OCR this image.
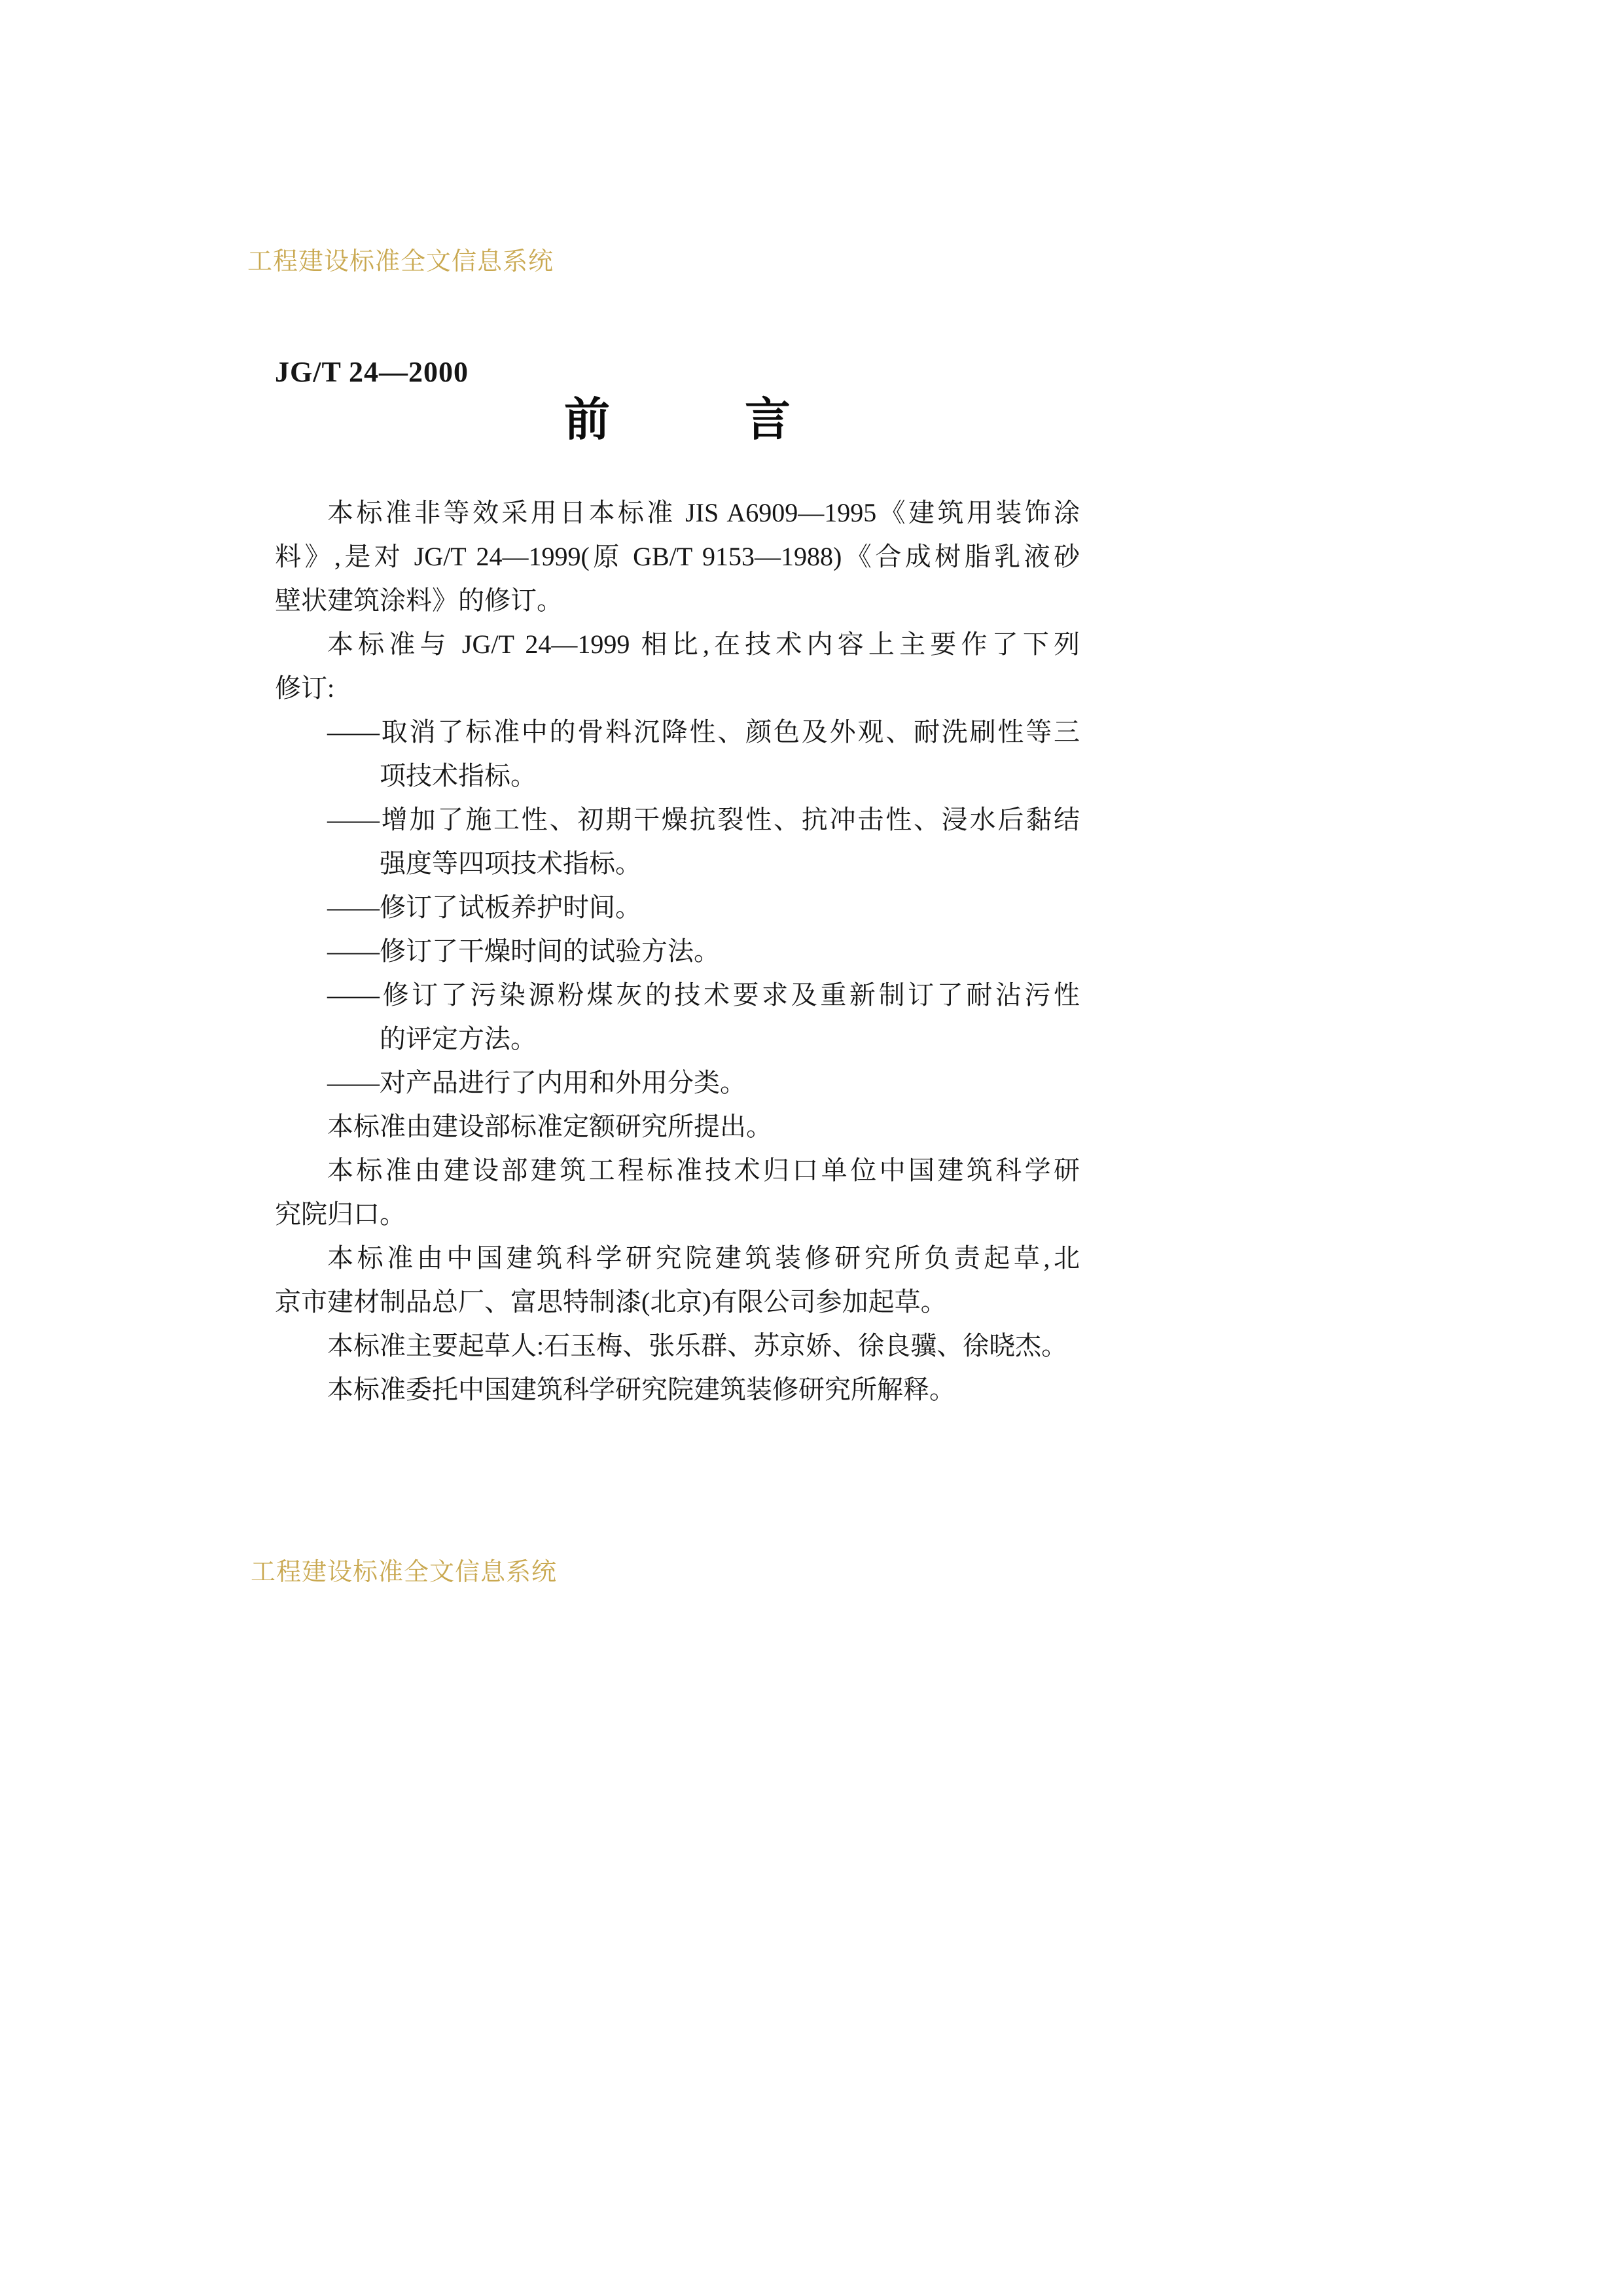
工程建设标准全文信息系统
JG/T 24—2000
前	言
本标准非等效采用日本标准 JIS A6909—1995《建筑用装饰涂
料》,是对 JG/T 24—1999(原 GB/T 9153—1988)《合成树脂乳液砂
壁状建筑涂料》的修订。
本标准与 JG/T 24—1999 相比,在技术内容上主要作了下列
修订:
——取消了标准中的骨料沉降性、颜色及外观、耐洗刷性等三
项技术指标。
——增加了施工性、初期干燥抗裂性、抗冲击性、浸水后黏结
强度等四项技术指标。
——修订了试板养护时间。
——修订了干燥时间的试验方法。
——修订了污染源粉煤灰的技术要求及重新制订了耐沾污性
的评定方法。
——对产品进行了内用和外用分类。
本标准由建设部标准定额研究所提出。
本标准由建设部建筑工程标准技术归口单位中国建筑科学研
究院归口。
本标准由中国建筑科学研究院建筑装修研究所负责起草,北
京市建材制品总厂、富思特制漆(北京)有限公司参加起草。
本标准主要起草人:石玉梅、张乐群、苏京娇、徐良骥、徐晓杰。
本标准委托中国建筑科学研究院建筑装修研究所解释。
工程建设标准全文信息系统
